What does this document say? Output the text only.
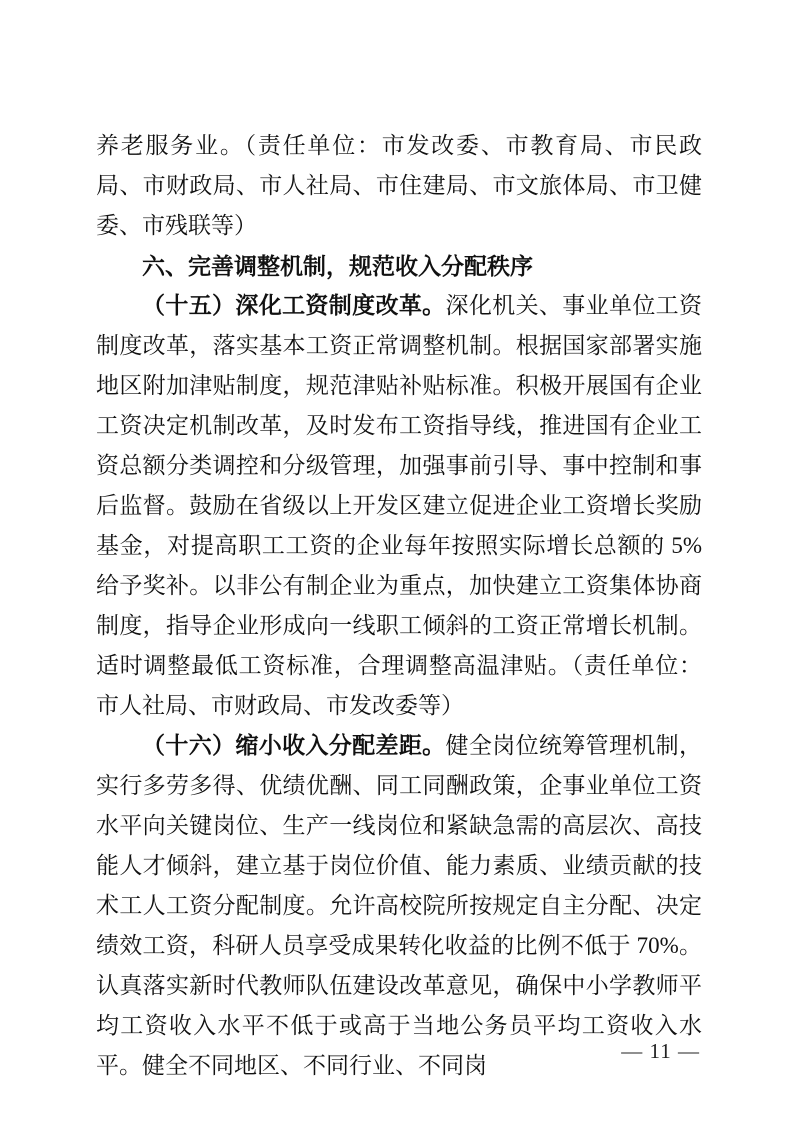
养老服务业。（责任单位：市发改委、市教育局、市民政局、市财政局、市人社局、市住建局、市文旅体局、市卫健委、市残联等）

六、完善调整机制，规范收入分配秩序

（十五）深化工资制度改革。深化机关、事业单位工资制度改革，落实基本工资正常调整机制。根据国家部署实施地区附加津贴制度，规范津贴补贴标准。积极开展国有企业工资决定机制改革，及时发布工资指导线，推进国有企业工资总额分类调控和分级管理，加强事前引导、事中控制和事后监督。鼓励在省级以上开发区建立促进企业工资增长奖励基金，对提高职工工资的企业每年按照实际增长总额的 5%给予奖补。以非公有制企业为重点，加快建立工资集体协商制度，指导企业形成向一线职工倾斜的工资正常增长机制。适时调整最低工资标准，合理调整高温津贴。（责任单位：市人社局、市财政局、市发改委等）

（十六）缩小收入分配差距。健全岗位统筹管理机制，实行多劳多得、优绩优酬、同工同酬政策，企事业单位工资水平向关键岗位、生产一线岗位和紧缺急需的高层次、高技能人才倾斜，建立基于岗位价值、能力素质、业绩贡献的技术工人工资分配制度。允许高校院所按规定自主分配、决定绩效工资，科研人员享受成果转化收益的比例不低于 70%。认真落实新时代教师队伍建设改革意见，确保中小学教师平均工资收入水平不低于或高于当地公务员平均工资收入水平。健全不同地区、不同行业、不同岗

— 11 —
